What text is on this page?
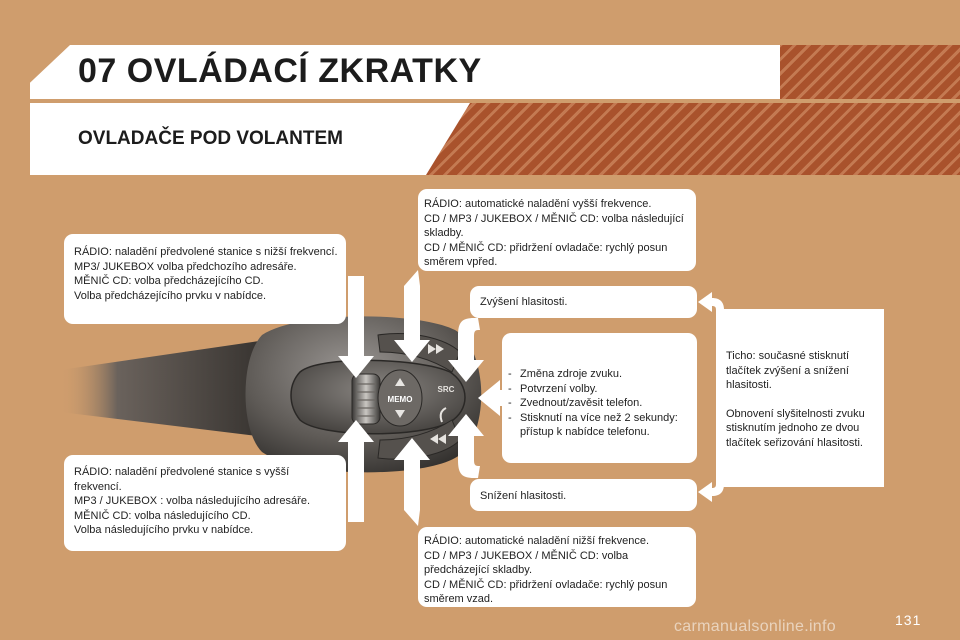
07 OVLÁDACÍ ZKRATKY
OVLADAČE POD VOLANTEM
MEMO
SRC
RÁDIO: naladění předvolené stanice s nižší frekvencí.
MP3/ JUKEBOX volba předchozího adresáře.
MĚNIČ CD: volba předcházejícího CD.
Volba předcházejícího prvku v nabídce.
RÁDIO: naladění předvolené stanice s vyšší frekvencí.
MP3 / JUKEBOX : volba následujícího adresáře.
MĚNIČ CD: volba následujícího CD.
Volba následujícího prvku v nabídce.
RÁDIO: automatické naladění vyšší frekvence.
CD / MP3 / JUKEBOX / MĚNIČ CD: volba následující skladby.
CD / MĚNIČ CD: přidržení ovladače: rychlý posun směrem vpřed.
Zvýšení hlasitosti.
- Změna zdroje zvuku.
- Potvrzení volby.
- Zvednout/zavěsit telefon.
- Stisknutí na více než 2 sekundy: přístup k nabídce telefonu.
Snížení hlasitosti.
RÁDIO: automatické naladění nižší frekvence.
CD / MP3 / JUKEBOX / MĚNIČ CD: volba předcházející skladby.
CD / MĚNIČ CD: přidržení ovladače: rychlý posun směrem vzad.
Ticho: současné stisknutí tlačítek zvýšení a snížení hlasitosti.
Obnovení slyšitelnosti zvuku stisknutím jednoho ze dvou tlačítek seřizování hlasitosti.
carmanualsonline.info	131
